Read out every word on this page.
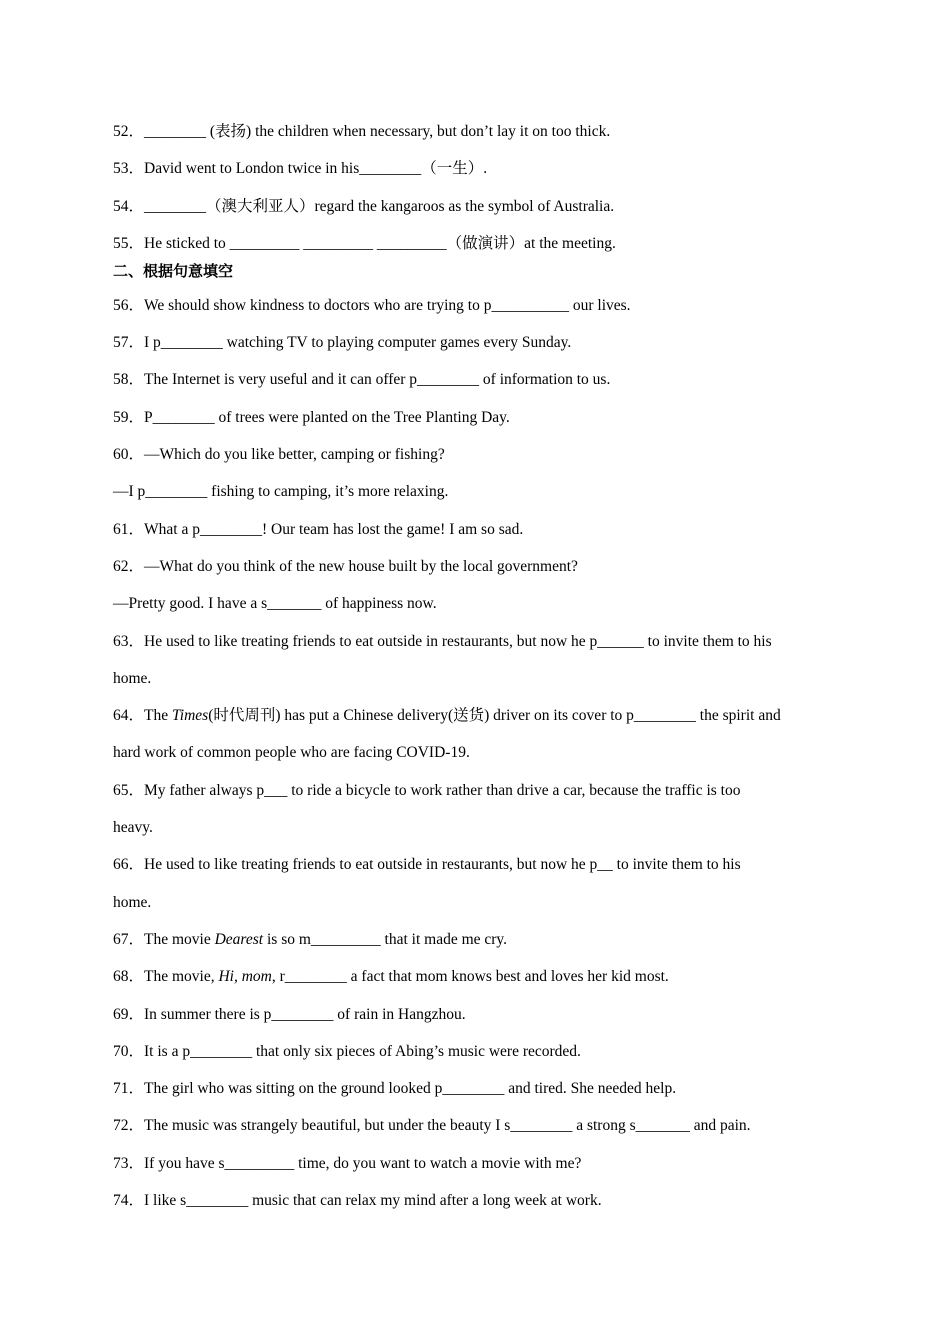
52．________ (表扬) the children when necessary, but don’t lay it on too thick.
53．David went to London twice in his________（一生）.
54．________（澳大利亚人）regard the kangaroos as the symbol of Australia.
55．He sticked to _________ _________ _________（做演讲）at the meeting.
二、根据句意填空
56．We should show kindness to doctors who are trying to p__________ our lives.
57．I p________ watching TV to playing computer games every Sunday.
58．The Internet is very useful and it can offer p________ of information to us.
59．P________ of trees were planted on the Tree Planting Day.
60．—Which do you like better, camping or fishing?
—I p________ fishing to camping, it’s more relaxing.
61．What a p________! Our team has lost the game! I am so sad.
62．—What do you think of the new house built by the local government?
—Pretty good. I have a s_______ of happiness now.
63．He used to like treating friends to eat outside in restaurants, but now he p______ to invite them to his
home.
64．The Times(时代周刊) has put a Chinese delivery(送货) driver on its cover to p________ the spirit and
hard work of common people who are facing COVID-19.
65．My father always p___ to ride a bicycle to work rather than drive a car, because the traffic is too
heavy.
66．He used to like treating friends to eat outside in restaurants, but now he p__ to invite them to his
home.
67．The movie Dearest is so m_________ that it made me cry.
68．The movie, Hi, mom, r________ a fact that mom knows best and loves her kid most.
69．In summer there is p________ of rain in Hangzhou.
70．It is a p________ that only six pieces of Abing’s music were recorded.
71．The girl who was sitting on the ground looked p________ and tired. She needed help.
72．The music was strangely beautiful, but under the beauty I s________ a strong s_______ and pain.
73．If you have s_________ time, do you want to watch a movie with me?
74．I like s________ music that can relax my mind after a long week at work.
